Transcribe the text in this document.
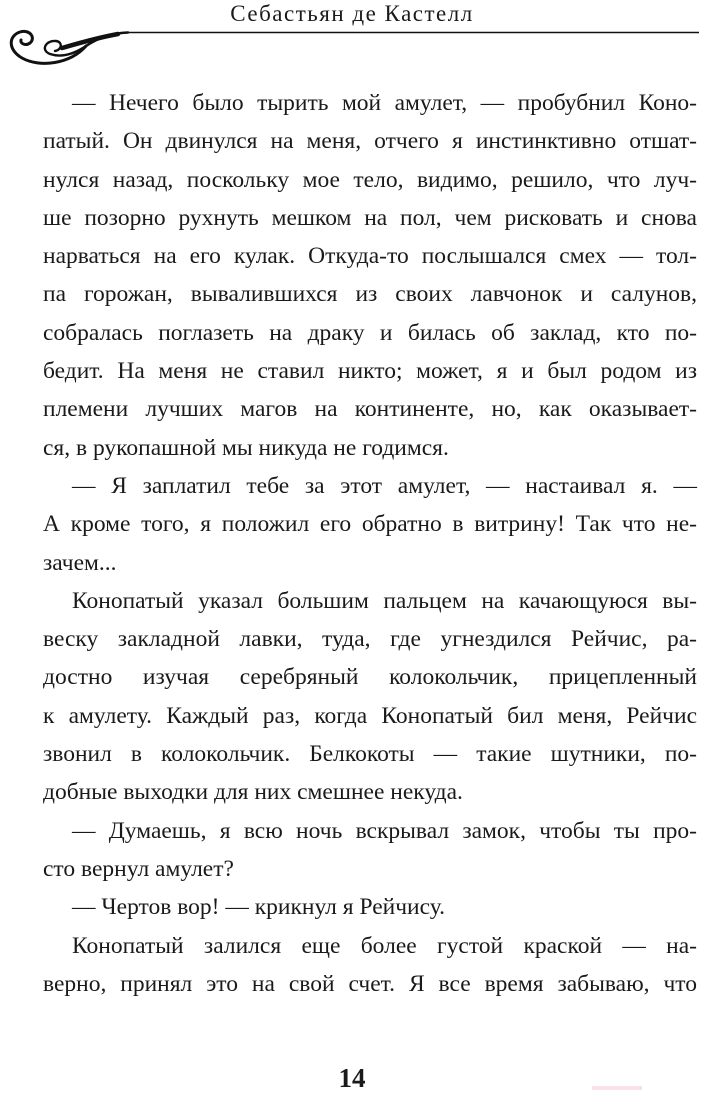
Себастьян де Кастелл

— Нечего было тырить мой амулет, — пробубнил Коно-
патый. Он двинулся на меня, отчего я инстинктивно отшат-
нулся назад, поскольку мое тело, видимо, решило, что луч-
ше позорно рухнуть мешком на пол, чем рисковать и снова
нарваться на его кулак. Откуда-то послышался смех — тол-
па горожан, вывалившихся из своих лавчонок и салунов,
собралась поглазеть на драку и билась об заклад, кто по-
бедит. На меня не ставил никто; может, я и был родом из
племени лучших магов на континенте, но, как оказывает-
ся, в рукопашной мы никуда не годимся.

— Я заплатил тебе за этот амулет, — настаивал я. —
А кроме того, я положил его обратно в витрину! Так что не-
зачем...

Конопатый указал большим пальцем на качающуюся вы-
веску закладной лавки, туда, где угнездился Рейчис, ра-
достно изучая серебряный колокольчик, прицепленный
к амулету. Каждый раз, когда Конопатый бил меня, Рейчис
звонил в колокольчик. Белкокоты — такие шутники, по-
добные выходки для них смешнее некуда.

— Думаешь, я всю ночь вскрывал замок, чтобы ты про-
сто вернул амулет?

— Чертов вор! — крикнул я Рейчису.

Конопатый залился еще более густой краской — на-
верно, принял это на свой счет. Я все время забываю, что

14
